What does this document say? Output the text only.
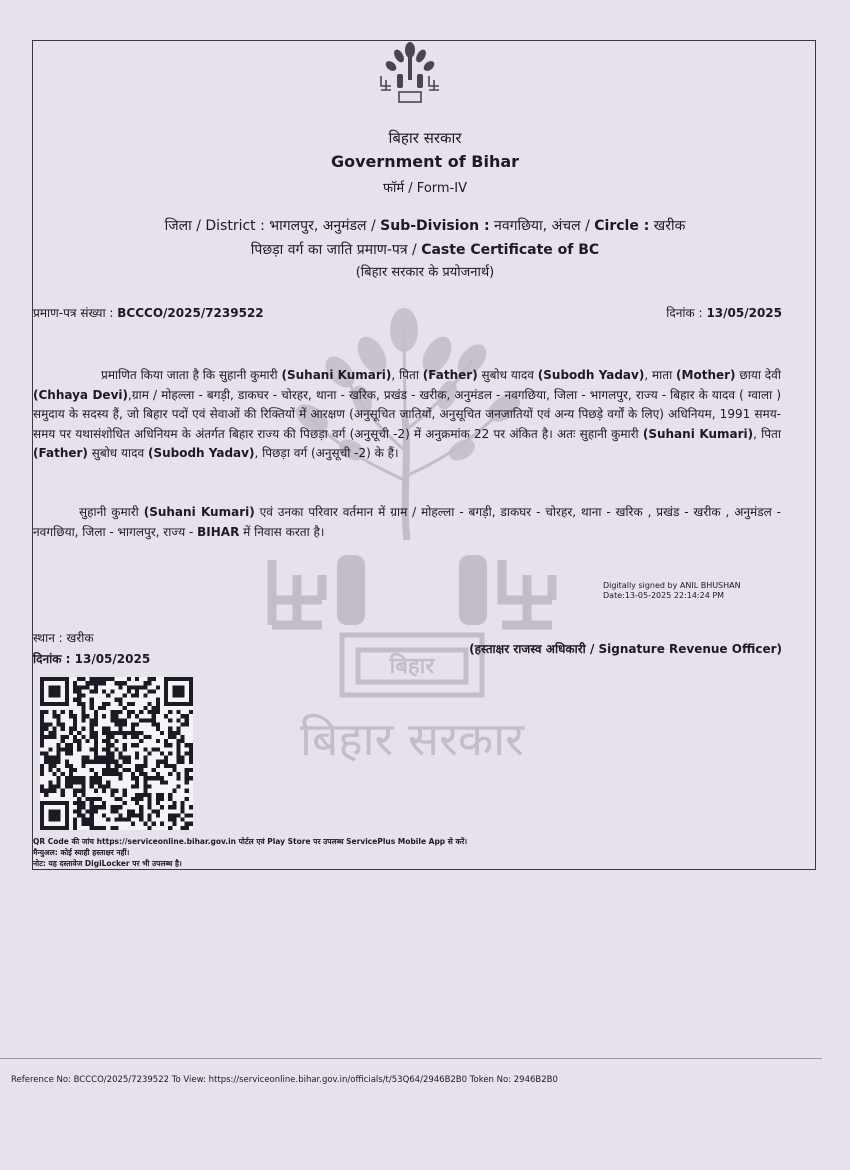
बिहार
बिहार सरकार
बिहार सरकार
Government of Bihar
फॉर्म / Form-IV
जिला / District : भागलपुर, अनुमंडल / Sub-Division : नवगछिया, अंचल / Circle : खरीक
पिछड़ा वर्ग का जाति प्रमाण-पत्र / Caste Certificate of BC
(बिहार सरकार के प्रयोजनार्थ)
प्रमाण-पत्र संख्या : BCCCO/2025/7239522	दिनांक : 13/05/2025

प्रमाणित किया जाता है कि सुहानी कुमारी (Suhani Kumari), पिता (Father) सुबोध यादव (Subodh Yadav), माता (Mother) छाया देवी (Chhaya Devi),ग्राम / मोहल्ला - बगड़ी, डाकघर - चोरहर, थाना - खरिक, प्रखंड - खरीक, अनुमंडल - नवगछिया, जिला - भागलपुर, राज्य - बिहार के यादव ( ग्वाला ) समुदाय के सदस्य हैं, जो बिहार पदों एवं सेवाओं की रिक्तियों में आरक्षण (अनुसूचित जातियों, अनुसूचित जनजातियों एवं अन्य पिछड़े वर्गों के लिए) अधिनियम, 1991 समय-समय पर यथासंशोधित अधिनियम के अंतर्गत बिहार राज्य की पिछड़ा वर्ग (अनुसूची -2) में अनुक्रमांक 22 पर अंकित है। अतः सुहानी कुमारी (Suhani Kumari), पिता (Father) सुबोध यादव (Subodh Yadav), पिछड़ा वर्ग (अनुसूची -2) के हैं।

सुहानी कुमारी (Suhani Kumari) एवं उनका परिवार वर्तमान में ग्राम / मोहल्ला - बगड़ी, डाकघर - चोरहर, थाना - खरिक , प्रखंड - खरीक , अनुमंडल - नवगछिया, जिला - भागलपुर, राज्य - BIHAR में निवास करता है।

Digitally signed by ANIL BHUSHAN
Date:13-05-2025 22:14:24 PM
स्थान : खरीक
दिनांक : 13/05/2025
(हस्ताक्षर राजस्व अधिकारी / Signature Revenue Officer)
QR Code की जांच https://serviceonline.bihar.gov.in पोर्टल एवं Play Store पर उपलब्ध ServicePlus Mobile App से करें।
मैन्युअल: कोई स्याही हस्ताक्षर नहीं।
नोट: यह दस्तावेज DigiLocker पर भी उपलब्ध है।
Reference No: BCCCO/2025/7239522 To View: https://serviceonline.bihar.gov.in/officials/t/53Q64/2946B2B0 Token No: 2946B2B0
